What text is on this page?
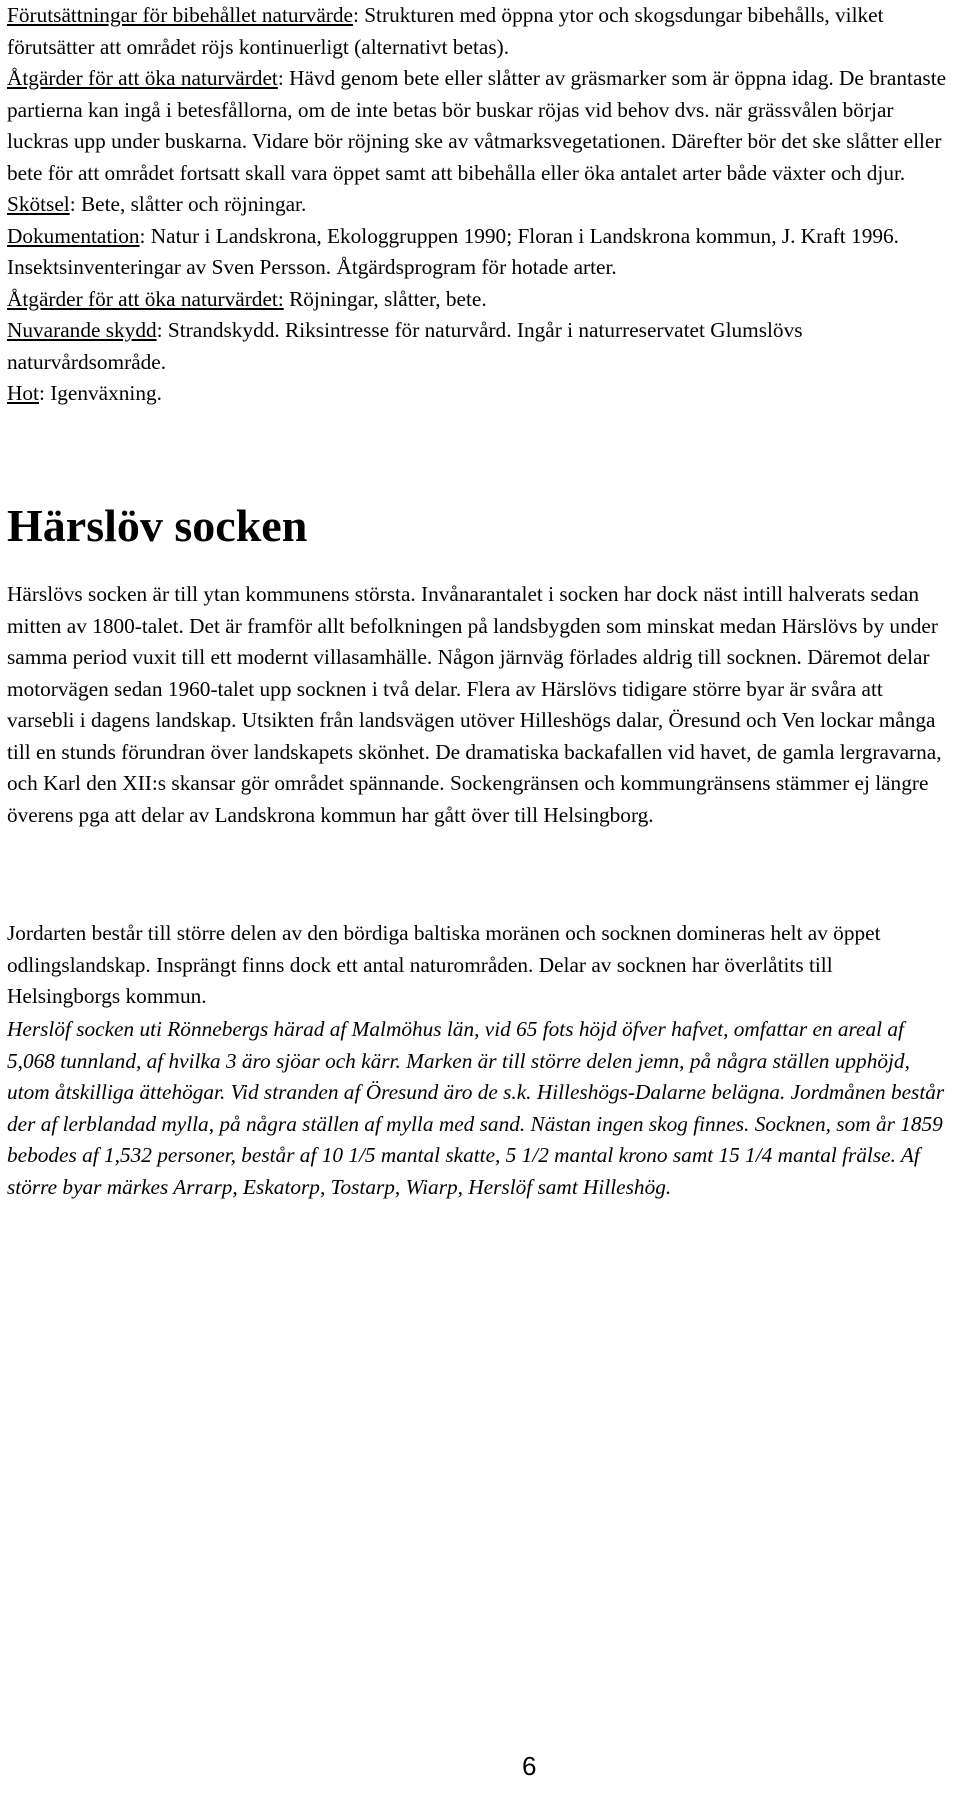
Förutsättningar för bibehållet naturvärde: Strukturen med öppna ytor och skogsdungar bibehålls, vilket förutsätter att området röjs kontinuerligt (alternativt betas).
Åtgärder för att öka naturvärdet: Hävd genom bete eller slåtter av gräsmarker som är öppna idag. De brantaste partierna kan ingå i betesfållorna, om de inte betas bör buskar röjas vid behov dvs. när grässvålen börjar luckras upp under buskarna. Vidare bör röjning ske av våtmarksvegetationen. Därefter bör det ske slåtter eller bete för att området fortsatt skall vara öppet samt att bibehålla eller öka antalet arter både växter och djur.

Skötsel: Bete, slåtter och röjningar.

Dokumentation: Natur i Landskrona, Ekologgruppen 1990; Floran i Landskrona kommun, J. Kraft 1996. Insektsinventeringar av Sven Persson. Åtgärdsprogram för hotade arter.

Åtgärder för att öka naturvärdet: Röjningar, slåtter, bete.

Nuvarande skydd: Strandskydd. Riksintresse för naturvård. Ingår i naturreservatet Glumslövs naturvårdsområde.

Hot: Igenväxning.

Härslöv socken

Härslövs socken är till ytan kommunens största. Invånarantalet i socken har dock näst intill halverats sedan mitten av 1800-talet. Det är framför allt befolkningen på landsbygden som minskat medan Härslövs by under samma period vuxit till ett modernt villasamhälle. Någon järnväg förlades aldrig till socknen. Däremot delar motorvägen sedan 1960-talet upp socknen i två delar. Flera av Härslövs tidigare större byar är svåra att varsebli i dagens landskap. Utsikten från landsvägen utöver Hilleshögs dalar, Öresund och Ven lockar många till en stunds förundran över landskapets skönhet. De dramatiska backafallen vid havet, de gamla lergravarna, och Karl den XII:s skansar gör området spännande. Sockengränsen och kommungränsens stämmer ej längre överens pga att delar av Landskrona kommun har gått över till Helsingborg.

Jordarten består till större delen av den bördiga baltiska moränen och socknen domineras helt av öppet odlingslandskap. Insprängt finns dock ett antal naturområden. Delar av socknen har överlåtits till Helsingborgs kommun.

Herslöf socken uti Rönnebergs härad af Malmöhus län, vid 65 fots höjd öfver hafvet, omfattar en areal af 5,068 tunnland, af hvilka 3 äro sjöar och kärr. Marken är till större delen jemn, på några ställen upphöjd, utom åtskilliga ättehögar. Vid stranden af Öresund äro de s.k. Hilleshögs-Dalarne belägna. Jordmånen består der af lerblandad mylla, på några ställen af mylla med sand. Nästan ingen skog finnes. Socknen, som år 1859 bebodes af 1,532 personer, består af 10 1/5 mantal skatte, 5 1/2 mantal krono samt 15 1/4 mantal frälse. Af större byar märkes Arrarp, Eskatorp, Tostarp, Wiarp, Herslöf samt Hilleshög.

6
